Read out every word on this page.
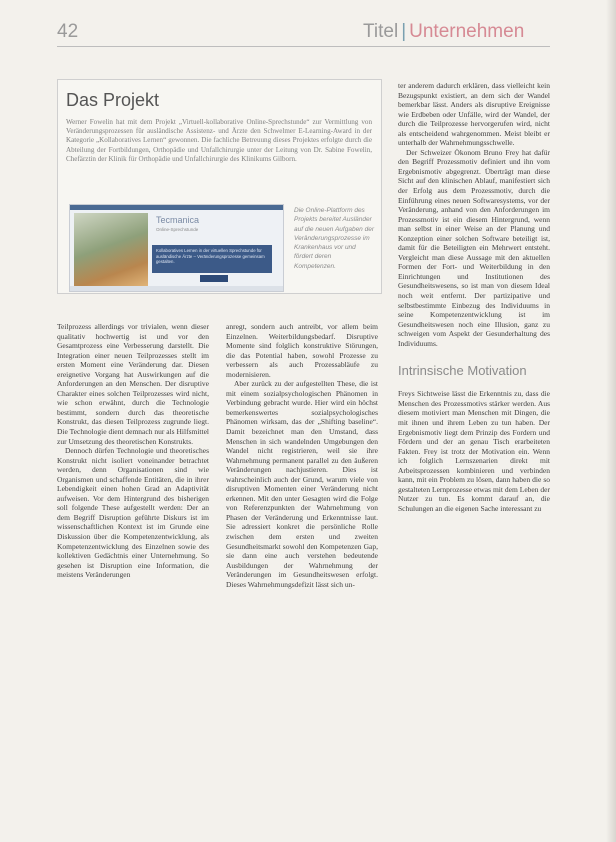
42	Titel | Unternehmen
Das Projekt
Werner Fowelin hat mit dem Projekt „Virtuell-kollaborative Online-Sprechstunde“ zur Vermittlung von Veränderungsprozessen für ausländische Assistenz- und Ärzte den Schwelmer E-Learning-Award in der Kategorie „Kollaboratives Lernen“ gewonnen. Die fachliche Betreuung dieses Projektes erfolgte durch die Abteilung der Fortbildungen, Orthopädie und Unfallchirurgie unter der Leitung von Dr. Sabine Fowelin, Chefärztin der Klinik für Orthopädie und Unfallchirurgie des Klinikums Gilborn.
Tecmanica
Online-Sprechstunde
Kollaboratives Lernen in der virtuellen Sprechstunde für ausländische Ärzte – Veränderungsprozesse gemeinsam gestalten.
Die Online-Plattform des Projekts bereitet Ausländer auf die neuen Aufgaben der Veränderungsprozesse im Krankenhaus vor und fördert deren Kompetenzen.

Teilprozess allerdings vor trivialen, wenn dieser qualitativ hochwertig ist und vor den Gesamtprozess eine Verbesserung darstellt. Die Integration einer neuen Teilprozesses stellt im ersten Moment eine Veränderung dar. Diesen ereignetive Vorgang hat Auswirkungen auf die Anforderungen an den Menschen. Der disruptive Charakter eines solchen Teilprozesses wird nicht, wie schon erwähnt, durch die Technologie bestimmt, sondern durch das theoretische Konstrukt, das diesen Teilprozess zugrunde liegt. Die Technologie dient demnach nur als Hilfsmittel zur Umsetzung des theoretischen Konstrukts.

Dennoch dürfen Technologie und theoretisches Konstrukt nicht isoliert voneinander betrachtet werden, denn Organisationen sind wie Organismen und schaffende Entitäten, die in ihrer Lebendigkeit einen hohen Grad an Adaptivität aufweisen. Vor dem Hintergrund des bisherigen soll folgende These aufgestellt werden: Der an dem Begriff Disruption geführte Diskurs ist im wissenschaftlichen Kontext ist im Grunde eine Diskussion über die Kompetenzentwicklung, als Kompetenzentwicklung des Einzelnen sowie des kollektiven Gedächtnis einer Unternehmung. So gesehen ist Disruption eine Information, die meistens Veränderungen

anregt, sondern auch antreibt, vor allem beim Einzelnen. Weiterbildungsbedarf. Disruptive Momente sind folglich konstruktive Störungen, die das Potential haben, sowohl Prozesse zu verbessern als auch Prozessabläufe zu modernisieren.

Aber zurück zu der aufgestellten These, die ist mit einem sozialpsychologischen Phänomen in Verbindung gebracht wurde. Hier wird ein höchst bemerkenswertes sozialpsychologisches Phänomen wirksam, das der „Shifting baseline“. Damit bezeichnet man den Umstand, dass Menschen in sich wandelnden Umgebungen den Wandel nicht registrieren, weil sie ihre Wahrnehmung permanent parallel zu den äußeren Veränderungen nachjustieren. Dies ist wahrscheinlich auch der Grund, warum viele von disruptiven Momenten einer Veränderung nicht erkennen. Mit den unter Gesagten wird die Folge von Referenzpunkten der Wahrnehmung von Phasen der Veränderung und Erkenntnisse laut. Sie adressiert konkret die persönliche Rolle zwischen dem ersten und zweiten Gesundheitsmarkt sowohl den Kompetenzen Gap, sie dann eine auch verstehen bedeutende Ausbildungen der Wahrnehmung der Veränderungen im Gesundheitswesen erfolgt. Dieses Wahrnehmungsdefizit lässt sich un-

ter anderem dadurch erklären, dass vielleicht kein Bezugspunkt existiert, an dem sich der Wandel bemerkbar lässt. Anders als disruptive Ereignisse wie Erdbeben oder Unfälle, wird der Wandel, der durch die Teilprozesse hervorgerufen wird, nicht als entscheidend wahrgenommen. Meist bleibt er unterhalb der Wahrnehmungsschwelle.

Der Schweizer Ökonom Bruno Frey hat dafür den Begriff Prozessmotiv definiert und ihn vom Ergebnismotiv abgegrenzt. Überträgt man diese Sicht auf den klinischen Ablauf, manifestiert sich der Erfolg aus dem Prozessmotiv, durch die Einführung eines neuen Softwaresystems, vor der Veränderung, anhand von den Anforderungen im Prozessmotiv ist ein diesem Hintergrund, wenn man selbst in einer Weise an der Planung und Konzeption einer solchen Software beteiligt ist, damit für die Beteiligten ein Mehrwert entsteht. Vergleicht man diese Aussage mit den aktuellen Formen der Fort- und Weiterbildung in den Einrichtungen und Institutionen des Gesundheitswesens, so ist man von diesem Ideal noch weit entfernt. Der partizipative und selbstbestimmte Einbezug des Individuums in seine Kompetenzentwicklung ist im Gesundheitswesen noch eine Illusion, ganz zu schweigen vom Aspekt der Gesunderhaltung des Individuums.

Intrinsische Motivation

Freys Sichtweise lässt die Erkenntnis zu, dass die Menschen des Prozessmotivs stärker werden. Aus diesem motiviert man Menschen mit Dingen, die mit ihnen und ihrem Leben zu tun haben. Der Ergebnismotiv liegt dem Prinzip des Fordern und Fördern und der an genau Tisch erarbeiteten Fakten. Frey ist trotz der Motivation ein. Wenn ich folglich Lernszenarien direkt mit Arbeitsprozessen kombinieren und verbinden kann, mit ein Problem zu lösen, dann haben die so gestalteten Lernprozesse etwas mit dem Leben der Nutzer zu tun. Es kommt darauf an, die Schulungen an die eigenen Sache interessant zu
